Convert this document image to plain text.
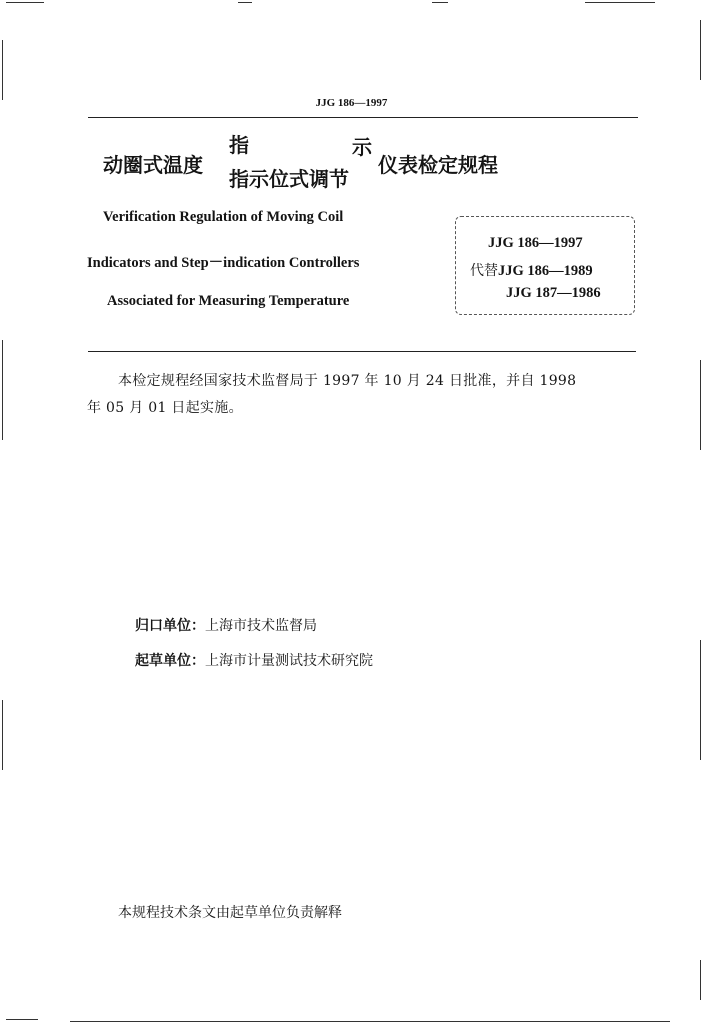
JJG 186—1997
动圈式温度
指	示
指示位式调节
仪表检定规程
Verification Regulation of Moving Coil
Indicators and Step－indication Controllers
Associated for Measuring Temperature
JJG 186—1997
代替JJG 186—1989
JJG 187—1986
本检定规程经国家技术监督局于 1997 年 10 月 24 日批准，并自 1998
年 05 月 01 日起实施。
归口单位：上海市技术监督局
起草单位：上海市计量测试技术研究院
本规程技术条文由起草单位负责解释
